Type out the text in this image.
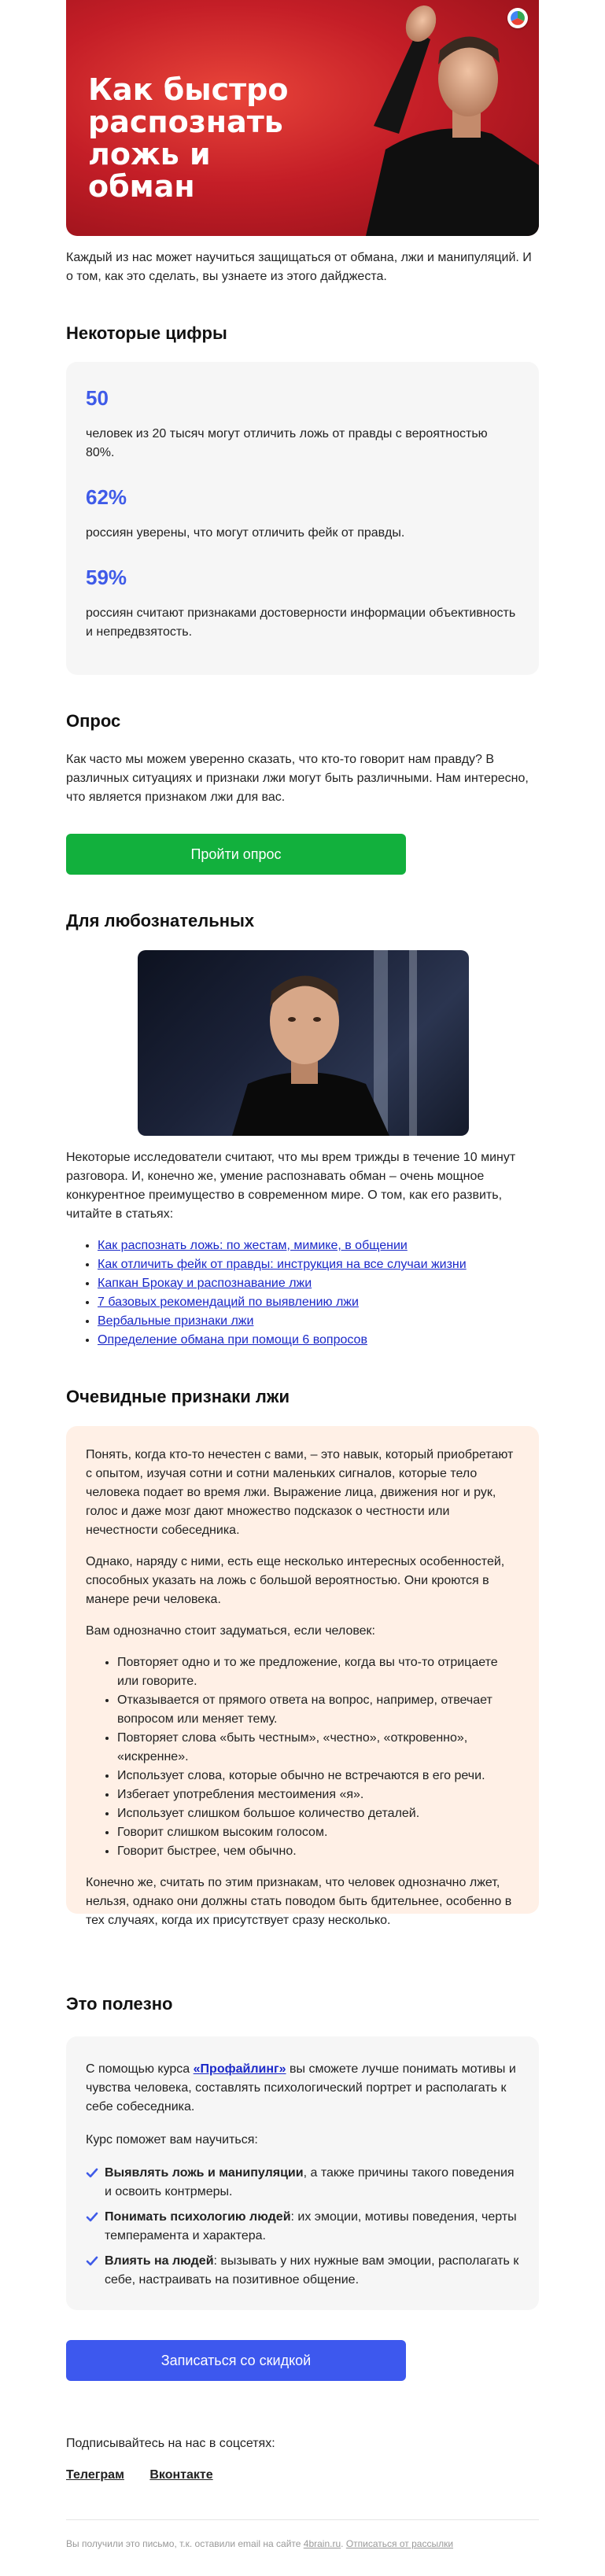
Как быстро распознать ложь и обман

Каждый из нас может научиться защищаться от обмана, лжи и манипуляций. И о том, как это сделать, вы узнаете из этого дайджеста.

Некоторые цифры
50

человек из 20 тысяч могут отличить ложь от правды с вероятностью 80%.

62%

россиян уверены, что могут отличить фейк от правды.

59%

россиян считают признаками достоверности информации объективность и непредвзятость.

Опрос

Как часто мы можем уверенно сказать, что кто-то говорит нам правду? В различных ситуациях и признаки лжи могут быть различными. Нам интересно, что является признаком лжи для вас.

Пройти опрос
Для любознательных

Некоторые исследователи считают, что мы врем трижды в течение 10 минут разговора. И, конечно же, умение распознавать обман – очень мощное конкурентное преимущество в современном мире. О том, как его развить, читайте в статьях:

• Как распознать ложь: по жестам, мимике, в общении
• Как отличить фейк от правды: инструкция на все случаи жизни
• Капкан Брокау и распознавание лжи
• 7 базовых рекомендаций по выявлению лжи
• Вербальные признаки лжи
• Определение обмана при помощи 6 вопросов
Очевидные признаки лжи

Понять, когда кто-то нечестен с вами, – это навык, который приобретают с опытом, изучая сотни и сотни маленьких сигналов, которые тело человека подает во время лжи. Выражение лица, движения ног и рук, голос и даже мозг дают множество подсказок о честности или нечестности собеседника.

Однако, наряду с ними, есть еще несколько интересных особенностей, способных указать на ложь с большой вероятностью. Они кроются в манере речи человека.

Вам однозначно стоит задуматься, если человек:

• Повторяет одно и то же предложение, когда вы что-то отрицаете или говорите.
• Отказывается от прямого ответа на вопрос, например, отвечает вопросом или меняет тему.
• Повторяет слова «быть честным», «честно», «откровенно», «искренне».
• Использует слова, которые обычно не встречаются в его речи.
• Избегает употребления местоимения «я».
• Использует слишком большое количество деталей.
• Говорит слишком высоким голосом.
• Говорит быстрее, чем обычно.

Конечно же, считать по этим признакам, что человек однозначно лжет, нельзя, однако они должны стать поводом быть бдительнее, особенно в тех случаях, когда их присутствует сразу несколько.

Это полезно

С помощью курса «Профайлинг» вы сможете лучше понимать мотивы и чувства человека, составлять психологический портрет и располагать к себе собеседника.

Курс поможет вам научиться:

Выявлять ложь и манипуляции, а также причины такого поведения и освоить контрмеры.
Понимать психологию людей: их эмоции, мотивы поведения, черты темперамента и характера.
Влиять на людей: вызывать у них нужные вам эмоции, располагать к себе, настраивать на позитивное общение.
Записаться со скидкой

Подписывайтесь на нас в соцсетях:

Телеграм Вконтакте
Вы получили это письмо, т.к. оставили email на сайте 4brain.ru. Отписаться от рассылки
